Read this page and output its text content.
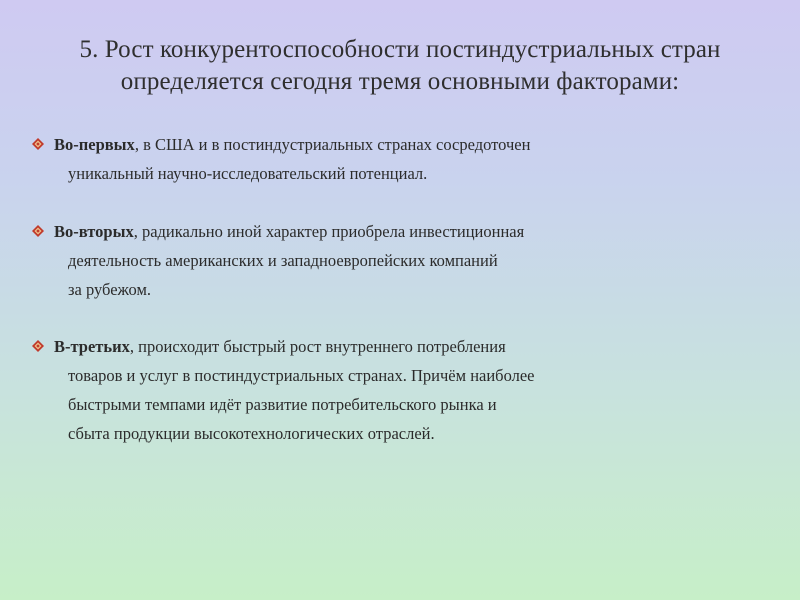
5. Рост конкурентоспособности постиндустриальных стран
определяется сегодня тремя основными факторами:
Во-первых, в США и в постиндустриальных странах сосредоточен
уникальный научно-исследовательский потенциал.
Во-вторых, радикально иной характер приобрела инвестиционная
деятельность американских и западноевропейских компаний
за рубежом.
В-третьих, происходит быстрый рост внутреннего потребления
товаров и услуг в постиндустриальных странах. Причём наиболее
быстрыми темпами идёт развитие потребительского рынка и
сбыта продукции высокотехнологических отраслей.
